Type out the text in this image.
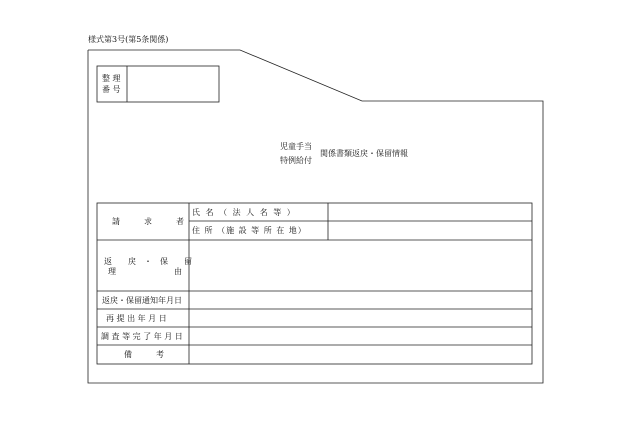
様式第3号(第5条関係)
整 理
番 号
児童手当
特例給付
関係書類返戻・保留情報
請　　　求　　　者
氏 名 （ 法 人 名 等 ）
住 所 （施 設 等 所 在 地）
返　　戻　・　保　　留
理	由
返戻・保留通知年月日
再 提 出 年 月 日
調 査 等 完 了 年 月 日
備　　　考
